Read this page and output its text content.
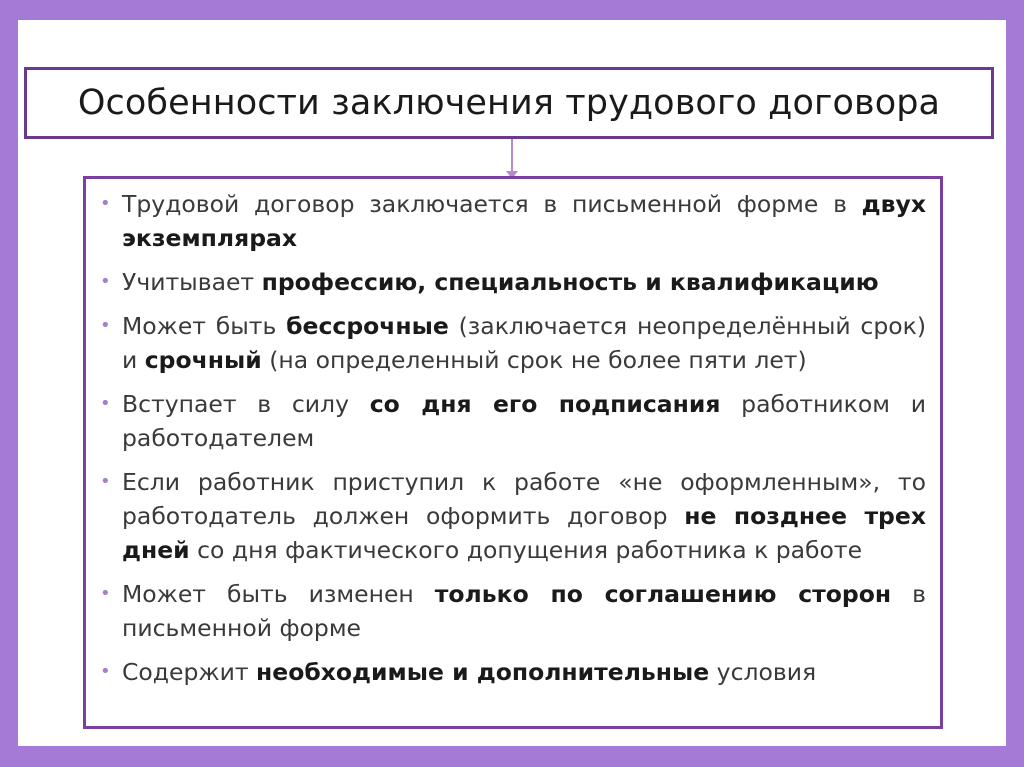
Особенности заключения трудового договора
• Трудовой договор заключается в письменной форме в двух экземплярах
• Учитывает профессию, специальность и квалификацию
• Может быть бессрочные (заключается неопределённый срок) и срочный (на определенный срок не более пяти лет)
• Вступает в силу со дня его подписания работником и работодателем
• Если работник приступил к работе «не оформленным», то работодатель должен оформить договор не позднее трех дней со дня фактического допущения работника к работе
• Может быть изменен только по соглашению сторон в письменной форме
• Содержит необходимые и дополнительные условия
